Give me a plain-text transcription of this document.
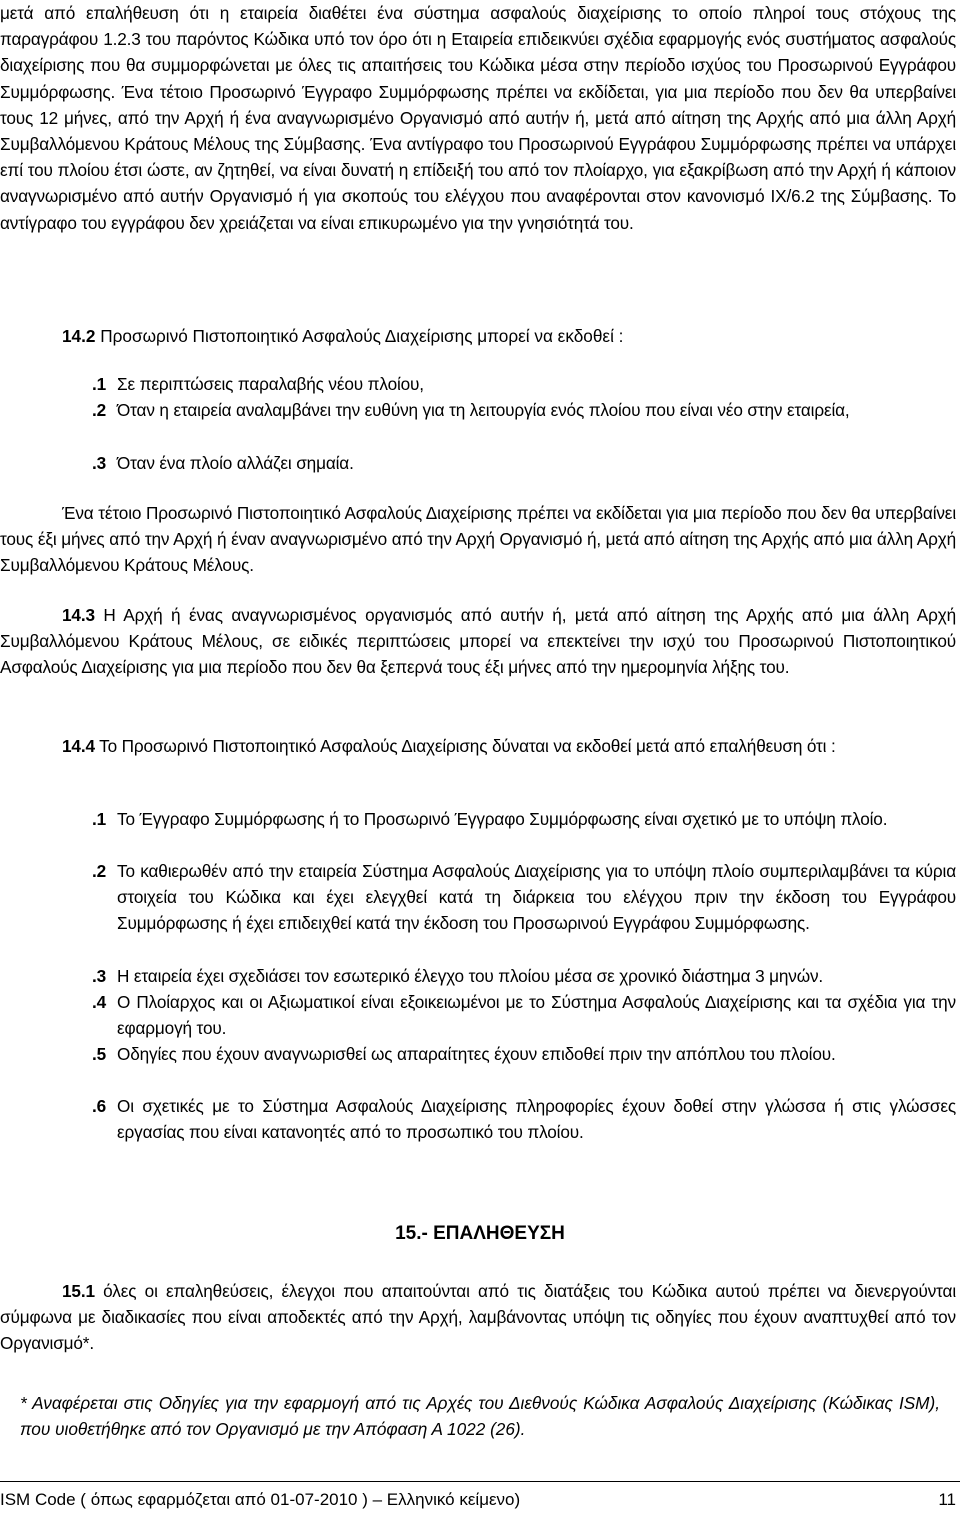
μετά από επαλήθευση ότι η εταιρεία διαθέτει ένα σύστημα ασφαλούς διαχείρισης το οποίο πληροί τους στόχους της παραγράφου 1.2.3 του παρόντος Κώδικα υπό τον όρο ότι η Εταιρεία επιδεικνύει σχέδια εφαρμογής ενός συστήματος ασφαλούς διαχείρισης που θα συμμορφώνεται με όλες τις απαιτήσεις του Κώδικα μέσα στην περίοδο ισχύος του Προσωρινού Εγγράφου Συμμόρφωσης. Ένα τέτοιο Προσωρινό Έγγραφο Συμμόρφωσης πρέπει να εκδίδεται, για μια περίοδο που δεν θα υπερβαίνει τους 12 μήνες, από την Αρχή ή ένα αναγνωρισμένο Οργανισμό από αυτήν ή, μετά από αίτηση της Αρχής από μια άλλη Αρχή Συμβαλλόμενου Κράτους Μέλους της Σύμβασης. Ένα αντίγραφο του Προσωρινού Εγγράφου Συμμόρφωσης πρέπει να υπάρχει επί του πλοίου έτσι ώστε, αν ζητηθεί, να είναι δυνατή η επίδειξή του από τον πλοίαρχο, για εξακρίβωση από την Αρχή ή κάποιον αναγνωρισμένο από αυτήν Οργανισμό ή για σκοπούς του ελέγχου που αναφέρονται στον κανονισμό IX/6.2 της Σύμβασης. Το αντίγραφο του εγγράφου δεν χρειάζεται να είναι επικυρωμένο για την γνησιότητά του.

14.2 Προσωρινό Πιστοποιητικό Ασφαλούς Διαχείρισης μπορεί να εκδοθεί :

.1 Σε περιπτώσεις παραλαβής νέου πλοίου,
.2 Όταν η εταιρεία αναλαμβάνει την ευθύνη για τη λειτουργία ενός πλοίου που είναι νέο στην εταιρεία,
.3 Όταν ένα πλοίο αλλάζει σημαία.

Ένα τέτοιο Προσωρινό Πιστοποιητικό Ασφαλούς Διαχείρισης πρέπει να εκδίδεται για μια περίοδο που δεν θα υπερβαίνει τους έξι μήνες από την Αρχή ή έναν αναγνωρισμένο από την Αρχή Οργανισμό ή, μετά από αίτηση της Αρχής από μια άλλη Αρχή Συμβαλλόμενου Κράτους Μέλους.

14.3 Η Αρχή ή ένας αναγνωρισμένος οργανισμός από αυτήν ή, μετά από αίτηση της Αρχής από μια άλλη Αρχή Συμβαλλόμενου Κράτους Μέλους, σε ειδικές περιπτώσεις μπορεί να επεκτείνει την ισχύ του Προσωρινού Πιστοποιητικού Ασφαλούς Διαχείρισης για μια περίοδο που δεν θα ξεπερνά τους έξι μήνες από την ημερομηνία λήξης του.

14.4 Το Προσωρινό Πιστοποιητικό Ασφαλούς Διαχείρισης δύναται να εκδοθεί μετά από επαλήθευση ότι :

.1 Το Έγγραφο Συμμόρφωσης ή το Προσωρινό Έγγραφο Συμμόρφωσης είναι σχετικό με το υπόψη πλοίο.
.2 Το καθιερωθέν από την εταιρεία Σύστημα Ασφαλούς Διαχείρισης για το υπόψη πλοίο συμπεριλαμβάνει τα κύρια στοιχεία του Κώδικα και έχει ελεγχθεί κατά τη διάρκεια του ελέγχου πριν την έκδοση του Εγγράφου Συμμόρφωσης ή έχει επιδειχθεί κατά την έκδοση του Προσωρινού Εγγράφου Συμμόρφωσης.
.3 Η εταιρεία έχει σχεδιάσει τον εσωτερικό έλεγχο του πλοίου μέσα σε χρονικό διάστημα 3 μηνών.
.4 Ο Πλοίαρχος και οι Αξιωματικοί είναι εξοικειωμένοι με το Σύστημα Ασφαλούς Διαχείρισης και τα σχέδια για την εφαρμογή του.
.5 Οδηγίες που έχουν αναγνωρισθεί ως απαραίτητες έχουν επιδοθεί πριν την απόπλου του πλοίου.
.6 Οι σχετικές με το Σύστημα Ασφαλούς Διαχείρισης πληροφορίες έχουν δοθεί στην γλώσσα ή στις γλώσσες εργασίας που είναι κατανοητές από το προσωπικό του πλοίου.

15.- ΕΠΑΛΗΘΕΥΣΗ

15.1 όλες οι επαληθεύσεις, έλεγχοι που απαιτούνται από τις διατάξεις του Κώδικα αυτού πρέπει να διενεργούνται σύμφωνα με διαδικασίες που είναι αποδεκτές από την Αρχή, λαμβάνοντας υπόψη τις οδηγίες που έχουν αναπτυχθεί από τον Οργανισμό*.

* Αναφέρεται στις Οδηγίες για την εφαρμογή από τις Αρχές του Διεθνούς Κώδικα Ασφαλούς Διαχείρισης (Κώδικας ISM), που υιοθετήθηκε από τον Οργανισμό με την Απόφαση Α 1022 (26).

ISM Code ( όπως εφαρμόζεται από 01-07-2010 ) – Ελληνικό κείμενο)	11
